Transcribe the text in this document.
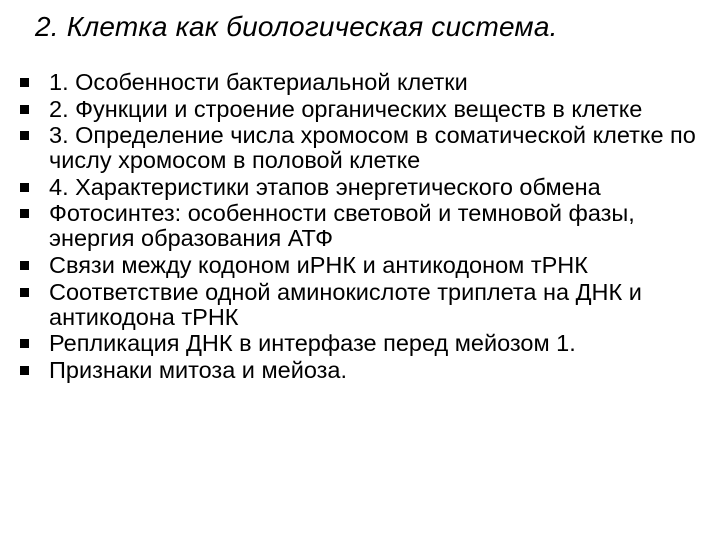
2. Клетка как биологическая система.
1. Особенности бактериальной клетки
2. Функции и строение органических веществ в клетке
3. Определение числа хромосом в соматической клетке по числу хромосом в половой клетке
4. Характеристики этапов энергетического обмена
Фотосинтез: особенности световой и темновой фазы, энергия образования АТФ
Связи между кодоном иРНК и антикодоном тРНК
Соответствие одной аминокислоте триплета на ДНК и антикодона тРНК
Репликация ДНК в интерфазе перед мейозом 1.
Признаки митоза и мейоза.
